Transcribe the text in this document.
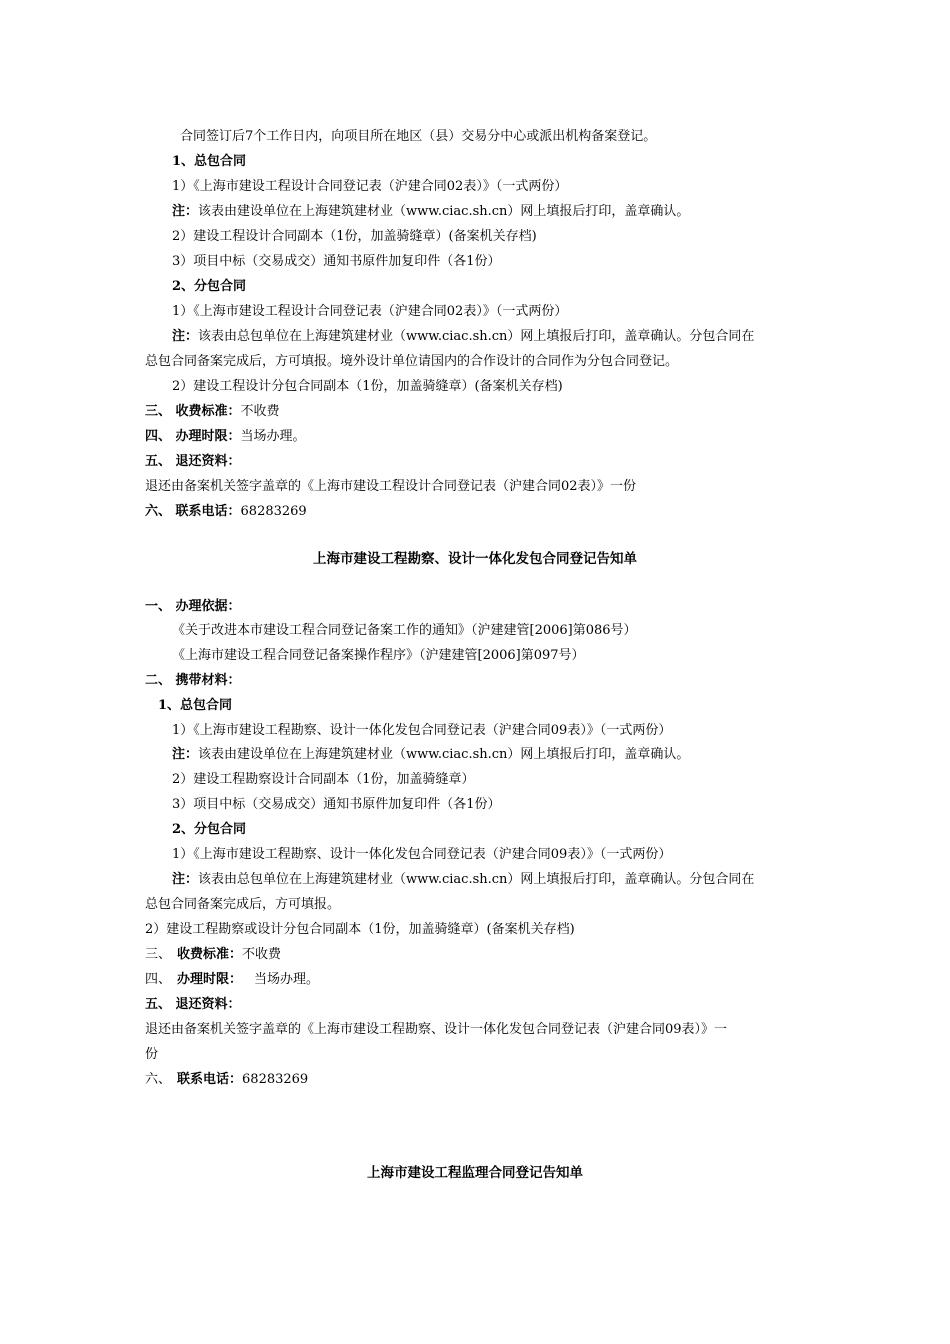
合同签订后7个工作日内，向项目所在地区（县）交易分中心或派出机构备案登记。
1、总包合同
1）《上海市建设工程设计合同登记表（沪建合同02表）》（一式两份）
注：该表由建设单位在上海建筑建材业（www.ciac.sh.cn）网上填报后打印，盖章确认。
2）建设工程设计合同副本（1份，加盖骑缝章）(备案机关存档)
3）项目中标（交易成交）通知书原件加复印件（各1份）
2、分包合同
1）《上海市建设工程设计合同登记表（沪建合同02表）》（一式两份）
注：该表由总包单位在上海建筑建材业（www.ciac.sh.cn）网上填报后打印，盖章确认。分包合同在
总包合同备案完成后，方可填报。境外设计单位请国内的合作设计的合同作为分包合同登记。
2）建设工程设计分包合同副本（1份，加盖骑缝章）(备案机关存档)
三、 收费标准：不收费
四、 办理时限：当场办理。
五、 退还资料：
退还由备案机关签字盖章的《上海市建设工程设计合同登记表（沪建合同02表）》一份
六、 联系电话：68283269
上海市建设工程勘察、设计一体化发包合同登记告知单
一、 办理依据：
《关于改进本市建设工程合同登记备案工作的通知》（沪建建管[2006]第086号）
《上海市建设工程合同登记备案操作程序》（沪建建管[2006]第097号）
二、 携带材料：
1、总包合同
1）《上海市建设工程勘察、设计一体化发包合同登记表（沪建合同09表）》（一式两份）
注：该表由建设单位在上海建筑建材业（www.ciac.sh.cn）网上填报后打印，盖章确认。
2）建设工程勘察设计合同副本（1份，加盖骑缝章）
3）项目中标（交易成交）通知书原件加复印件（各1份）
2、分包合同
1）《上海市建设工程勘察、设计一体化发包合同登记表（沪建合同09表）》（一式两份）
注：该表由总包单位在上海建筑建材业（www.ciac.sh.cn）网上填报后打印，盖章确认。分包合同在
总包合同备案完成后，方可填报。
2）建设工程勘察或设计分包合同副本（1份，加盖骑缝章）(备案机关存档)
三、 收费标准：不收费
四、 办理时限： 当场办理。
五、 退还资料：
退还由备案机关签字盖章的《上海市建设工程勘察、设计一体化发包合同登记表（沪建合同09表）》一
份
六、 联系电话：68283269
上海市建设工程监理合同登记告知单
